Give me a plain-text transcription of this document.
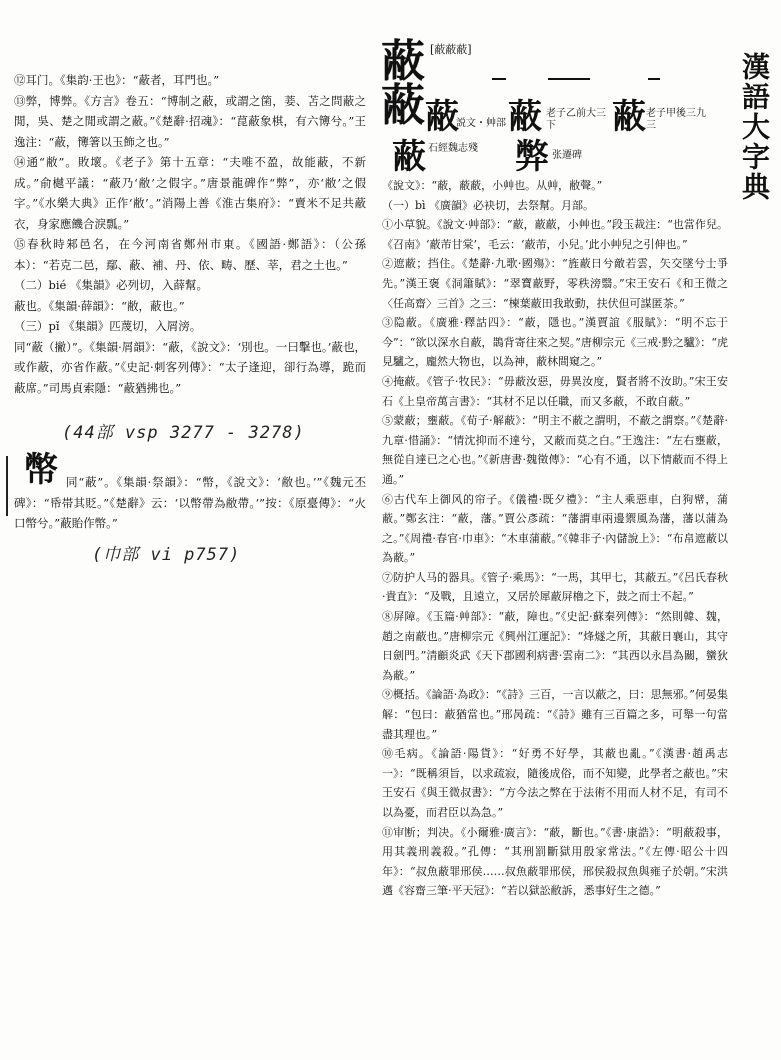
漢語大字典
蔽 [蔽蔽蔽]
蔽 蔽
説文・艸部 蔽 老子乙前大三下	蔽 老子甲後三九三
蔽 石經魏志殘 弊 张遷碑

⑫耳门。《集韵·王也》：“蔽者，耳門也。”

⑬弊，博弊。《方言》卷五：“博制之蔽，或謂之箘，菨、苫之問蔽之閒，吳、楚之閒或謂之蔽。”《楚辭·招魂》：“菎蔽象棋，有六簙兮。”王逸注：“蔽，簙箸以玉飾之也。”

⑭通“敝”。敗壞。《老子》第十五章：“夫唯不盈，故能蔽，不新成。”俞樾平議：“蔽乃‘敝’之假字。”唐景龍碑作“弊”，亦‘敝’之假字。”《水樂大典》正作‘敝’。”消陽上善《淮古集府》：“賣米不足共蔽衣，身家應饑合淚瓢。”

⑮春秋時邾邑名，在今河南省鄭州市東。《國語·鄭語》：（公孫本）：“若克二邑，鄢、蔽、補、丹、依、畴、歷、莘，君之土也。”

（二）bié 《集韻》必列切，入薛幫。

蔽也。《集韻·薛韻》：“敝，蔽也。”

（三）pǐ 《集韻》匹蔑切，入屑滂。

同“蔽（撇）”。《集韻·屑韻》：“蔽，《說文》：‘別也。一曰擊也。’蔽也，或作蔽，亦省作蔽。”《史記·刺客列傳》：“太子逢迎，卻行為導，跪而蔽席。”司馬貞索隱：“蔽猶拂也。”

(44部 vsp 3277 - 3278)
幣 同“蔽”。《集韻·祭韻》：“幣，《說文》：‘敝也。’”《魏元丕碑》：“帋帯其貶。”《楚辭》云：‘以幣帶為敝帶。’”按：《原臺傳》：“火口幣兮。”蔽貽作幣。”
(巾部 vi p757)

《說文》：“蔽，蔽蔽，小艸也。从艸，敝聲。”

（一）bì 《廣韻》必袂切，去祭幫。月部。

①小草貌。《說文·艸部》：“蔽，蔽蔽，小艸也。”段玉裁注：“也當作兒。《召南》‘蔽芾甘棠’，毛云：‘蔽芾，小兒。’此小艸兒之引伸也。”

②遮蔽；挡住。《楚辭·九歌·國殤》：“旌蔽日兮敵若雲，矢交墜兮士爭先。”漢王褒《洞簫賦》：“翠寶蔽野，零秩滂翳。”宋王安石《和王微之〈任高齋〉三首》之三：“楝葉蔽田我敢動，扶伏但可謀匿茶。”

③隐蔽。《廣雅·釋詁四》：“蔽，隱也。”漢賈誼《服賦》：“明不忘于今”：“欲以深水自蔽，鵲背寄往來之契。”唐柳宗元《三戒·黔之驢》：“虎見驢之，龐然大物也，以為神，蔽林間窺之。”

④掩蔽。《管子·牧民》：“毋蔽汝惡，毋異汝度，賢者將不汝助。”宋王安石《上皇帝萬言書》：“其材不足以任職，而又多蔽，不敢自蔽。”

⑤蒙蔽；壅蔽。《荀子·解蔽》：“明主不蔽之謂明，不蔽之謂察。”《楚辭·九章·惜誦》：“情沈抑而不達兮，又蔽而莫之白。”王逸注：“左右壅蔽，無從自達已之心也。”《新唐書·魏徵傳》：“心有不通，以下情蔽而不得上通。”

⑥古代车上御风的帘子。《儀禮·既夕禮》：“主人乘惡車，白狗幦，蒲蔽。”鄭玄注：“蔽，藩。”賈公彥疏：“藩謂車兩邊禦風為藩，藩以蒲為之。”《周禮·春官·巾車》：“木車蒲蔽。”《韓非子·內儲說上》：“布帛遮蔽以為蔽。”

⑦防护人马的器具。《管子·乘馬》：“一馬，其甲七，其蔽五。”《呂氏春秋·貴直》：“及戰，且遠立，又居於犀蔽屏櫓之下，鼓之而士不起。”

⑧屏障。《玉篇·艸部》：“蔽，障也。”《史記·蘇秦列傳》：“然則韓、魏，趙之南蔽也。”唐柳宗元《興州江運記》：“烽燧之所，其蔽日襄山，其守日劍門。”清顧炎武《天下郡國利病書·雲南二》：“其西以永昌為關，蠻狄為蔽。”

⑨概括。《論語·為政》：“《詩》三百，一言以蔽之，曰：思無邪。”何晏集解：“包曰：蔽猶當也。”邢昺疏：“《詩》雖有三百篇之多，可舉一句當盡其理也。”

⑩毛病。《論語·陽貨》：“好勇不好學，其蔽也亂。”《漢書·趙禹志一》：“既稱須旨，以求疏寂，隨後成俗，而不知變，此學者之蔽也。”宋王安石《與王微叔書》：“方今法之弊在于法術不用而人材不足，有司不以為憂，而君臣以為急。”

⑪审断；判决。《小爾雅·廣言》：“蔽，斷也。”《書·康誥》：“明蔽殺事，用其義刑義殺。”孔傳：“其刑罰斷獄用殷家常法。”《左傳·昭公十四年》：“叔魚蔽罪邢侯……叔魚蔽罪邢侯，邢侯殺叔魚與雍子於朝。”宋洪邁《容齋三筆·平天冠》：“若以獄訟敝訴，悉事好生之德。”
